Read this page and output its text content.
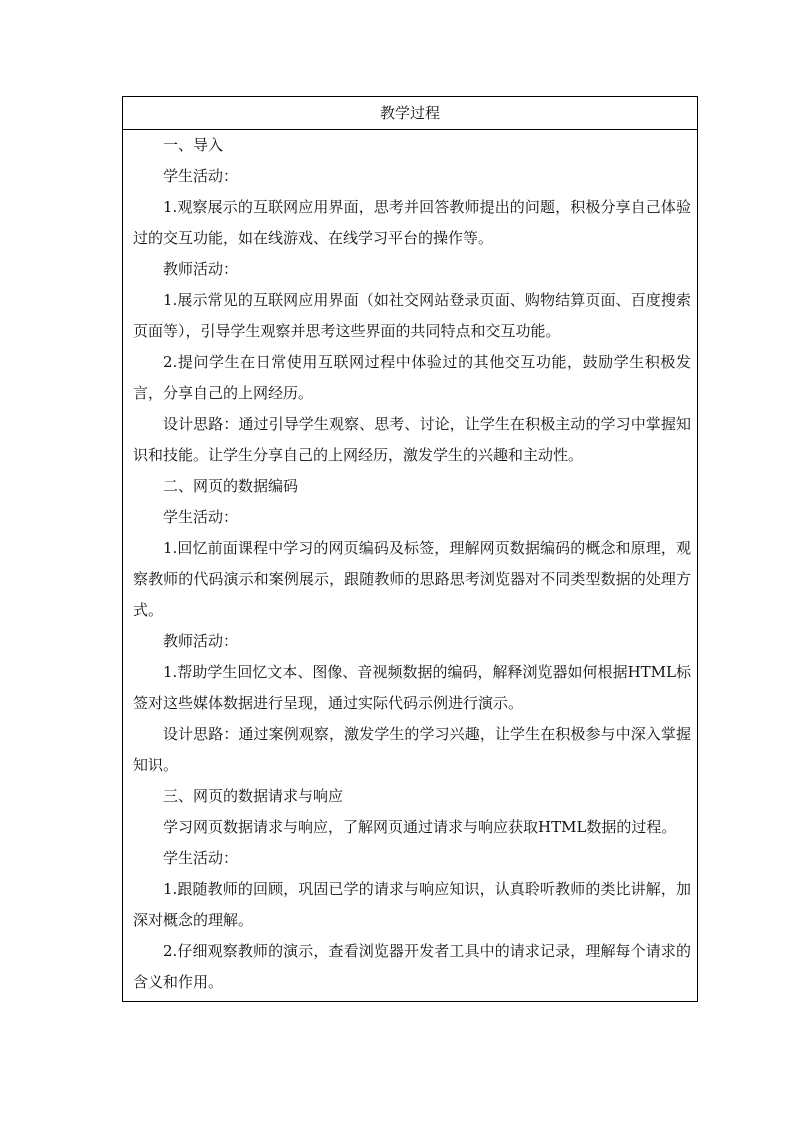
教学过程

一、导入

学生活动：

1.观察展示的互联网应用界面，思考并回答教师提出的问题，积极分享自己体验过的交互功能，如在线游戏、在线学习平台的操作等。

教师活动：

1.展示常见的互联网应用界面（如社交网站登录页面、购物结算页面、百度搜索页面等），引导学生观察并思考这些界面的共同特点和交互功能。

2.提问学生在日常使用互联网过程中体验过的其他交互功能，鼓励学生积极发言，分享自己的上网经历。

设计思路：通过引导学生观察、思考、讨论，让学生在积极主动的学习中掌握知识和技能。让学生分享自己的上网经历，激发学生的兴趣和主动性。

二、网页的数据编码

学生活动：

1.回忆前面课程中学习的网页编码及标签，理解网页数据编码的概念和原理，观察教师的代码演示和案例展示，跟随教师的思路思考浏览器对不同类型数据的处理方式。

教师活动：

1.帮助学生回忆文本、图像、音视频数据的编码，解释浏览器如何根据HTML标签对这些媒体数据进行呈现，通过实际代码示例进行演示。

设计思路：通过案例观察，激发学生的学习兴趣，让学生在积极参与中深入掌握知识。

三、网页的数据请求与响应

学习网页数据请求与响应，了解网页通过请求与响应获取HTML数据的过程。

学生活动：

1.跟随教师的回顾，巩固已学的请求与响应知识，认真聆听教师的类比讲解，加深对概念的理解。

2.仔细观察教师的演示，查看浏览器开发者工具中的请求记录，理解每个请求的含义和作用。
